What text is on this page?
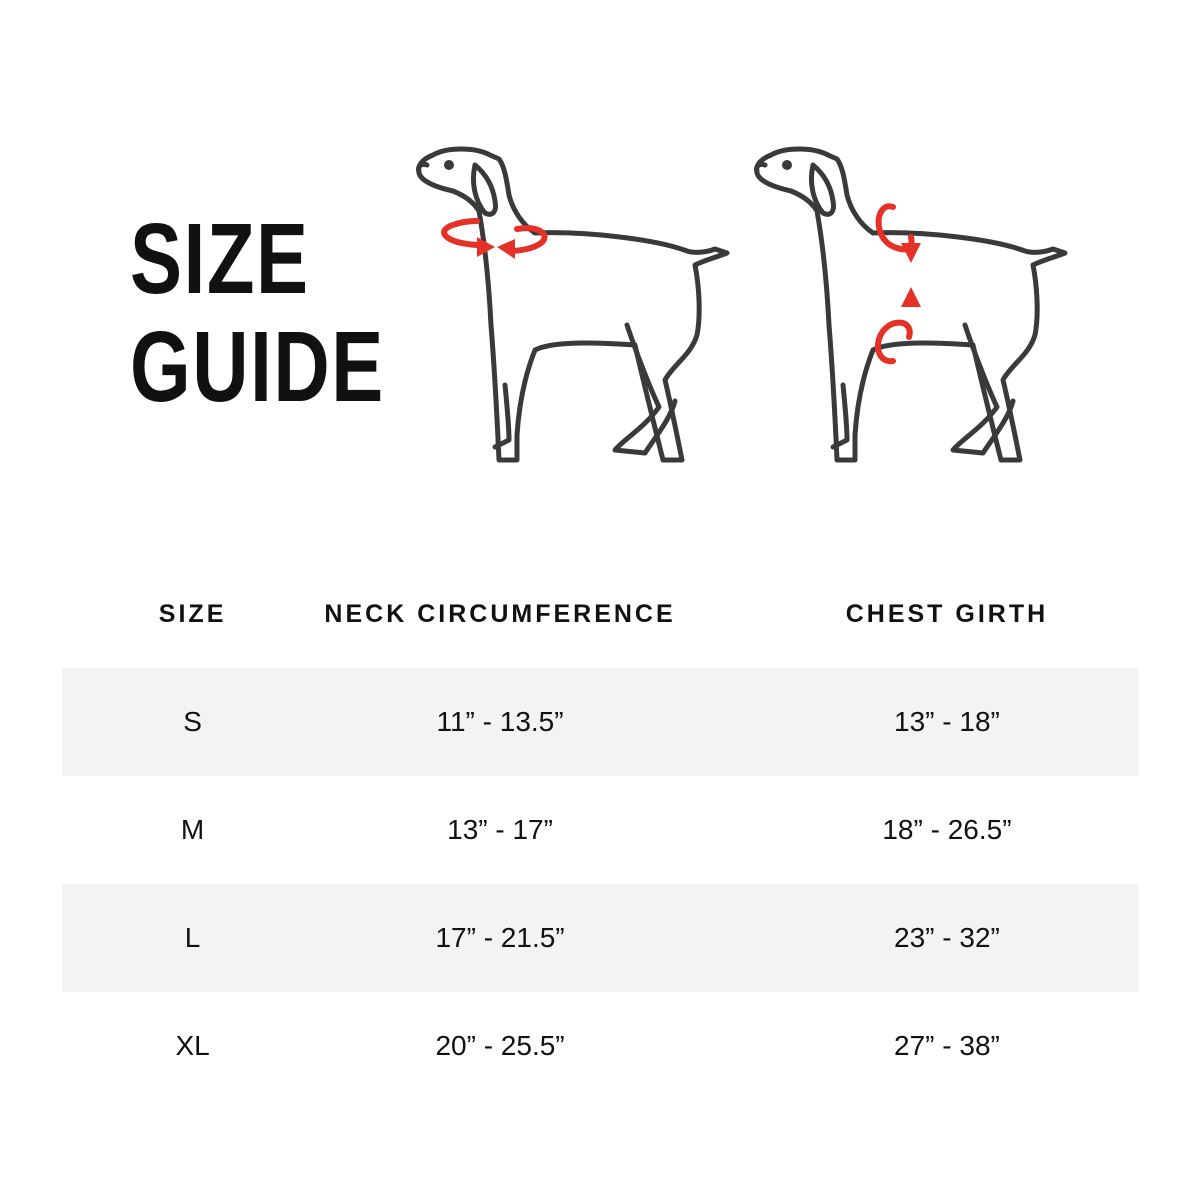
SIZE
GUIDE
SIZE	NECK CIRCUMFERENCE	CHEST GIRTH
S	11” - 13.5”	13” - 18”
M	13” - 17”	18” - 26.5”
L	17” - 21.5”	23” - 32”
XL	20” - 25.5”	27” - 38”
